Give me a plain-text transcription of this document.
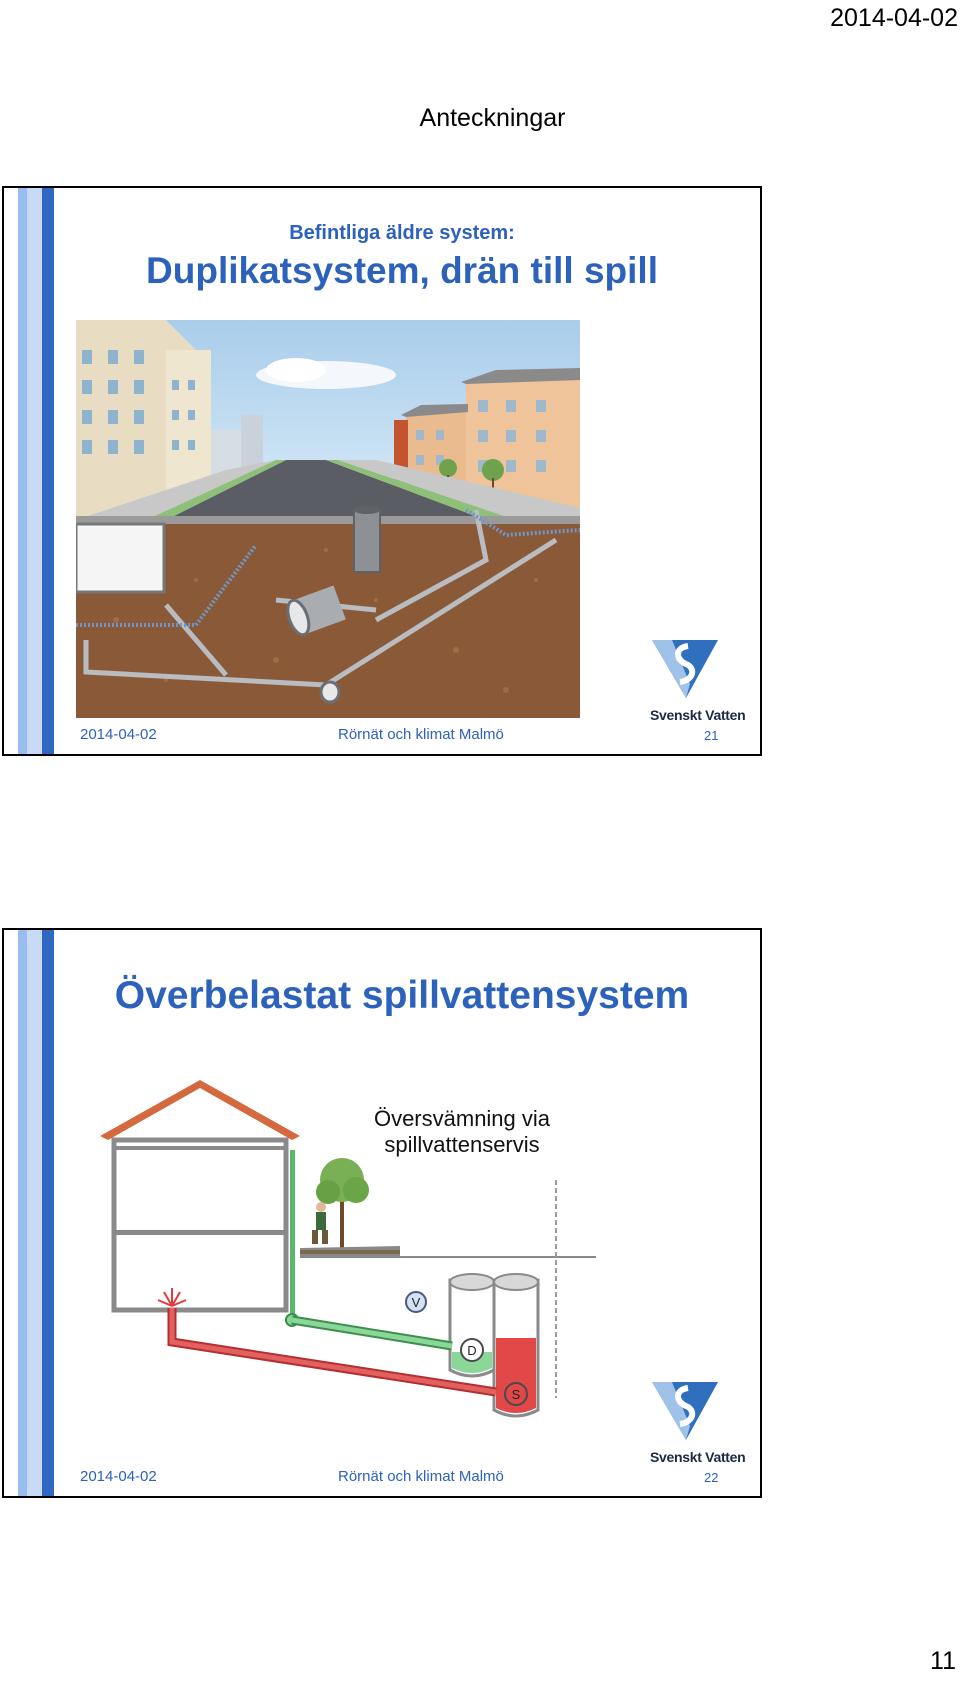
2014-04-02
Anteckningar
Befintliga äldre system:
Duplikatsystem, drän till spill
Svenskt Vatten
2014-04-02	Rörnät och klimat Malmö	21
Överbelastat spillvattensystem
V
D
S
Översvämning via
spillvattenservis
Svenskt Vatten
2014-04-02	Rörnät och klimat Malmö	22
11
